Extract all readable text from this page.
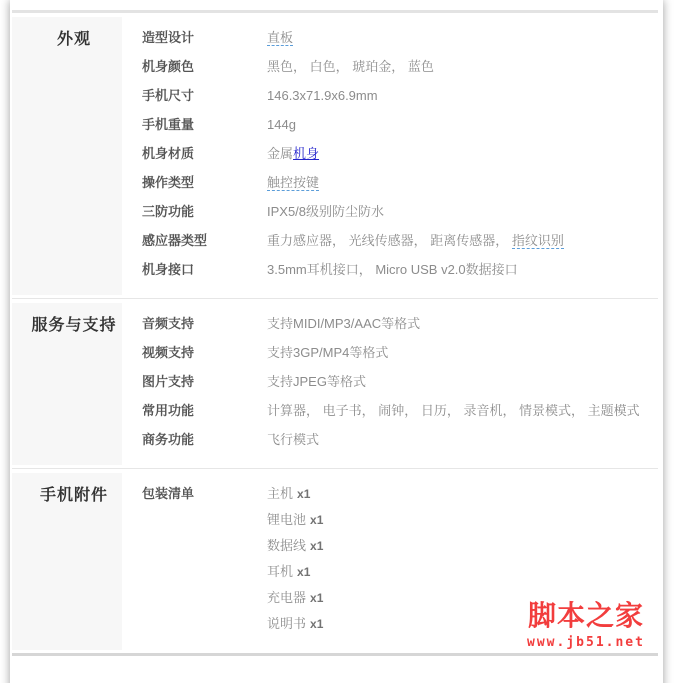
外观	造型设计	直板
机身颜色	黑色， 白色， 琥珀金， 蓝色
手机尺寸	146.3x71.9x6.9mm
手机重量	144g
机身材质	金属机身
操作类型	触控按键
三防功能	IPX5/8级别防尘防水
感应器类型	重力感应器， 光线传感器， 距离传感器， 指纹识别
机身接口	3.5mm耳机接口， Micro USB v2.0数据接口

服务与支持	音频支持	支持MIDI/MP3/AAC等格式
视频支持	支持3GP/MP4等格式
图片支持	支持JPEG等格式
常用功能	计算器， 电子书， 闹钟， 日历， 录音机， 情景模式， 主题模式
商务功能	飞行模式

手机附件	包装清单	主机 x1
锂电池 x1
数据线 x1
耳机 x1
充电器 x1
说明书 x1	脚本之家
www.jb51.net
